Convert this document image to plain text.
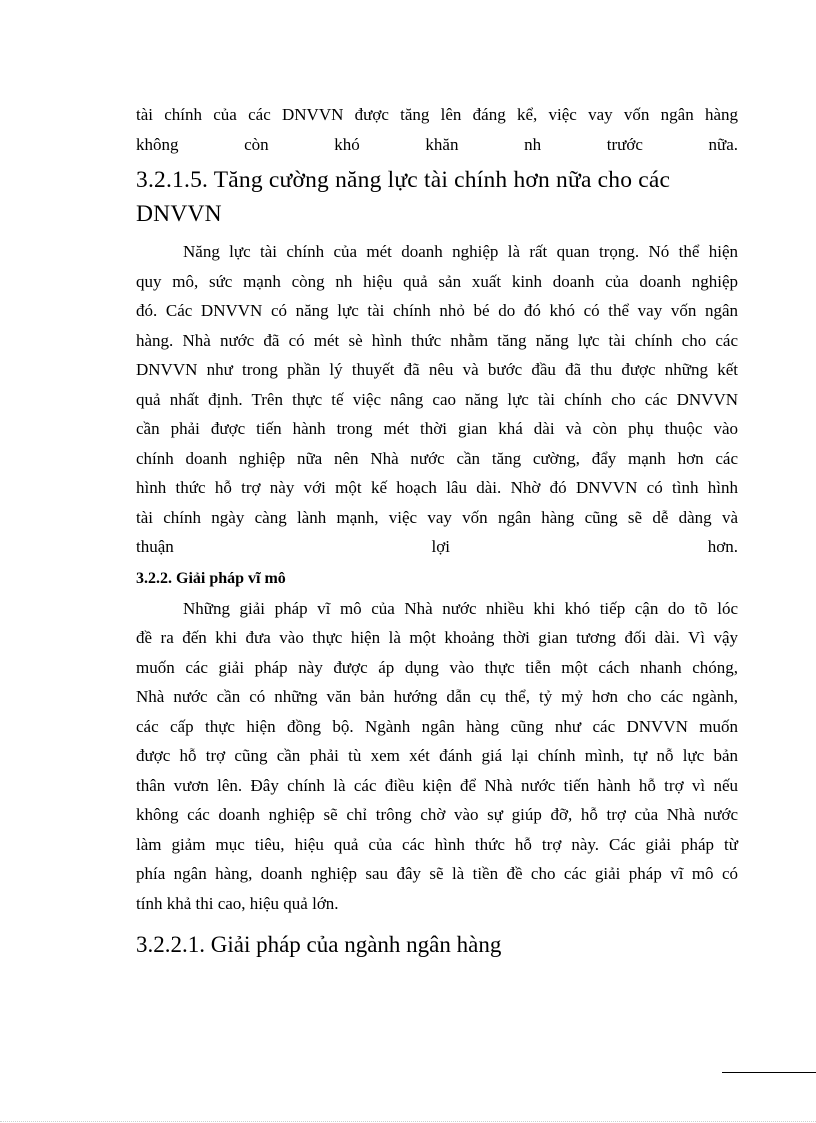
tài chính của các DNVVN được tăng lên đáng kể, việc vay vốn ngân hàng

không còn khó khăn nh trước nữa.

3.2.1.5. Tăng cường năng lực tài chính hơn nữa cho các DNVVN

Năng lực tài chính của mét doanh nghiệp là rất quan trọng. Nó thể hiện

quy mô, sức mạnh còng nh hiệu quả sản xuất kinh doanh của doanh nghiệp

đó. Các DNVVN có năng lực tài chính nhỏ bé do đó khó có thể vay vốn ngân

hàng. Nhà nước đã có mét sè hình thức nhằm tăng năng lực tài chính cho các

DNVVN như trong phần lý thuyết đã nêu và bước đầu đã thu được những kết

quả nhất định. Trên thực tế việc nâng cao năng lực tài chính cho các DNVVN

cần phải được tiến hành trong mét thời gian khá dài và còn phụ thuộc vào

chính doanh nghiệp nữa nên Nhà nước cần tăng cường, đẩy mạnh hơn các

hình thức hỗ trợ này với một kế hoạch lâu dài. Nhờ đó DNVVN có tình hình

tài chính ngày càng lành mạnh, việc vay vốn ngân hàng cũng sẽ dễ dàng và

thuận lợi hơn.

3.2.2. Giải pháp vĩ mô

Những giải pháp vĩ mô của Nhà nước nhiều khi khó tiếp cận do tõ lóc

đề ra đến khi đưa vào thực hiện là một khoảng thời gian tương đối dài. Vì vậy

muốn các giải pháp này được áp dụng vào thực tiễn một cách nhanh chóng,

Nhà nước cần có những văn bản hướng dẫn cụ thể, tỷ mỷ hơn cho các ngành,

các cấp thực hiện đồng bộ. Ngành ngân hàng cũng như các DNVVN muốn

được hỗ trợ cũng cần phải tù xem xét đánh giá lại chính mình, tự nỗ lực bản

thân vươn lên. Đây chính là các điều kiện để Nhà nước tiến hành hỗ trợ vì nếu

không các doanh nghiệp sẽ chỉ trông chờ vào sự giúp đỡ, hỗ trợ của Nhà nước

làm giảm mục tiêu, hiệu quả của các hình thức hỗ trợ này. Các giải pháp từ

phía ngân hàng, doanh nghiệp sau đây sẽ là tiền đề cho các giải pháp vĩ mô có

tính khả thi cao, hiệu quả lớn.

3.2.2.1. Giải pháp của ngành ngân hàng
